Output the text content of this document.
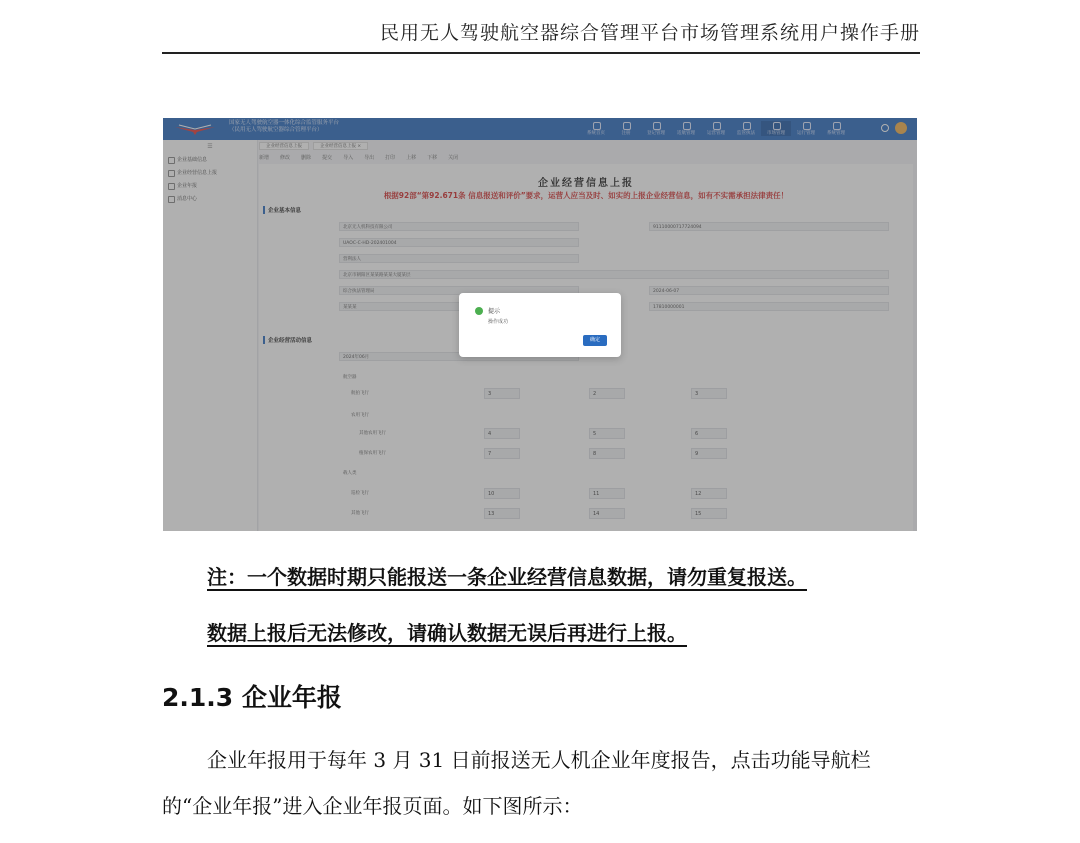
民用无人驾驶航空器综合管理平台市场管理系统用户操作手册
国家无人驾驶航空器一体化综合监管服务平台
（民用无人驾驶航空器综合管理平台）
系统首页	注册	登记管理	适航管理	运营管理	监管执法	市场管理	运行管理	系统管理
☰
企业基础信息
企业经营信息上报
企业年报
消息中心
企业经营信息上报	企业经营信息上报 ×
新增 修改 删除 提交 导入 导出 打印 上移 下移 关闭
企业经营信息上报
根据92部“第92.671条 信息报送和评价”要求，运营人应当及时、如实的上报企业经营信息，如有不实需承担法律责任！
企业基本信息
北京无人机科技有限公司	91110000717724094
UAOC-C-HD-202401004
营利法人
北京市朝阳区某某路某某大厦某层
综合执法管理局	2024-06-07
某某某	17810000001
企业经营活动信息
2024年06月
航空器
航拍飞行	3	2	3
农用飞行
其他农用飞行	4	5	6
植保农用飞行	7	8	9
载人类
巡检飞行	10	11	12
其他飞行	13	14	15
提示
操作成功
确定
注：一个数据时期只能报送一条企业经营信息数据，请勿重复报送。
数据上报后无法修改，请确认数据无误后再进行上报。
2.1.3 企业年报
企业年报用于每年 3 月 31 日前报送无人机企业年度报告，点击功能导航栏
的“企业年报”进入企业年报页面。如下图所示：
